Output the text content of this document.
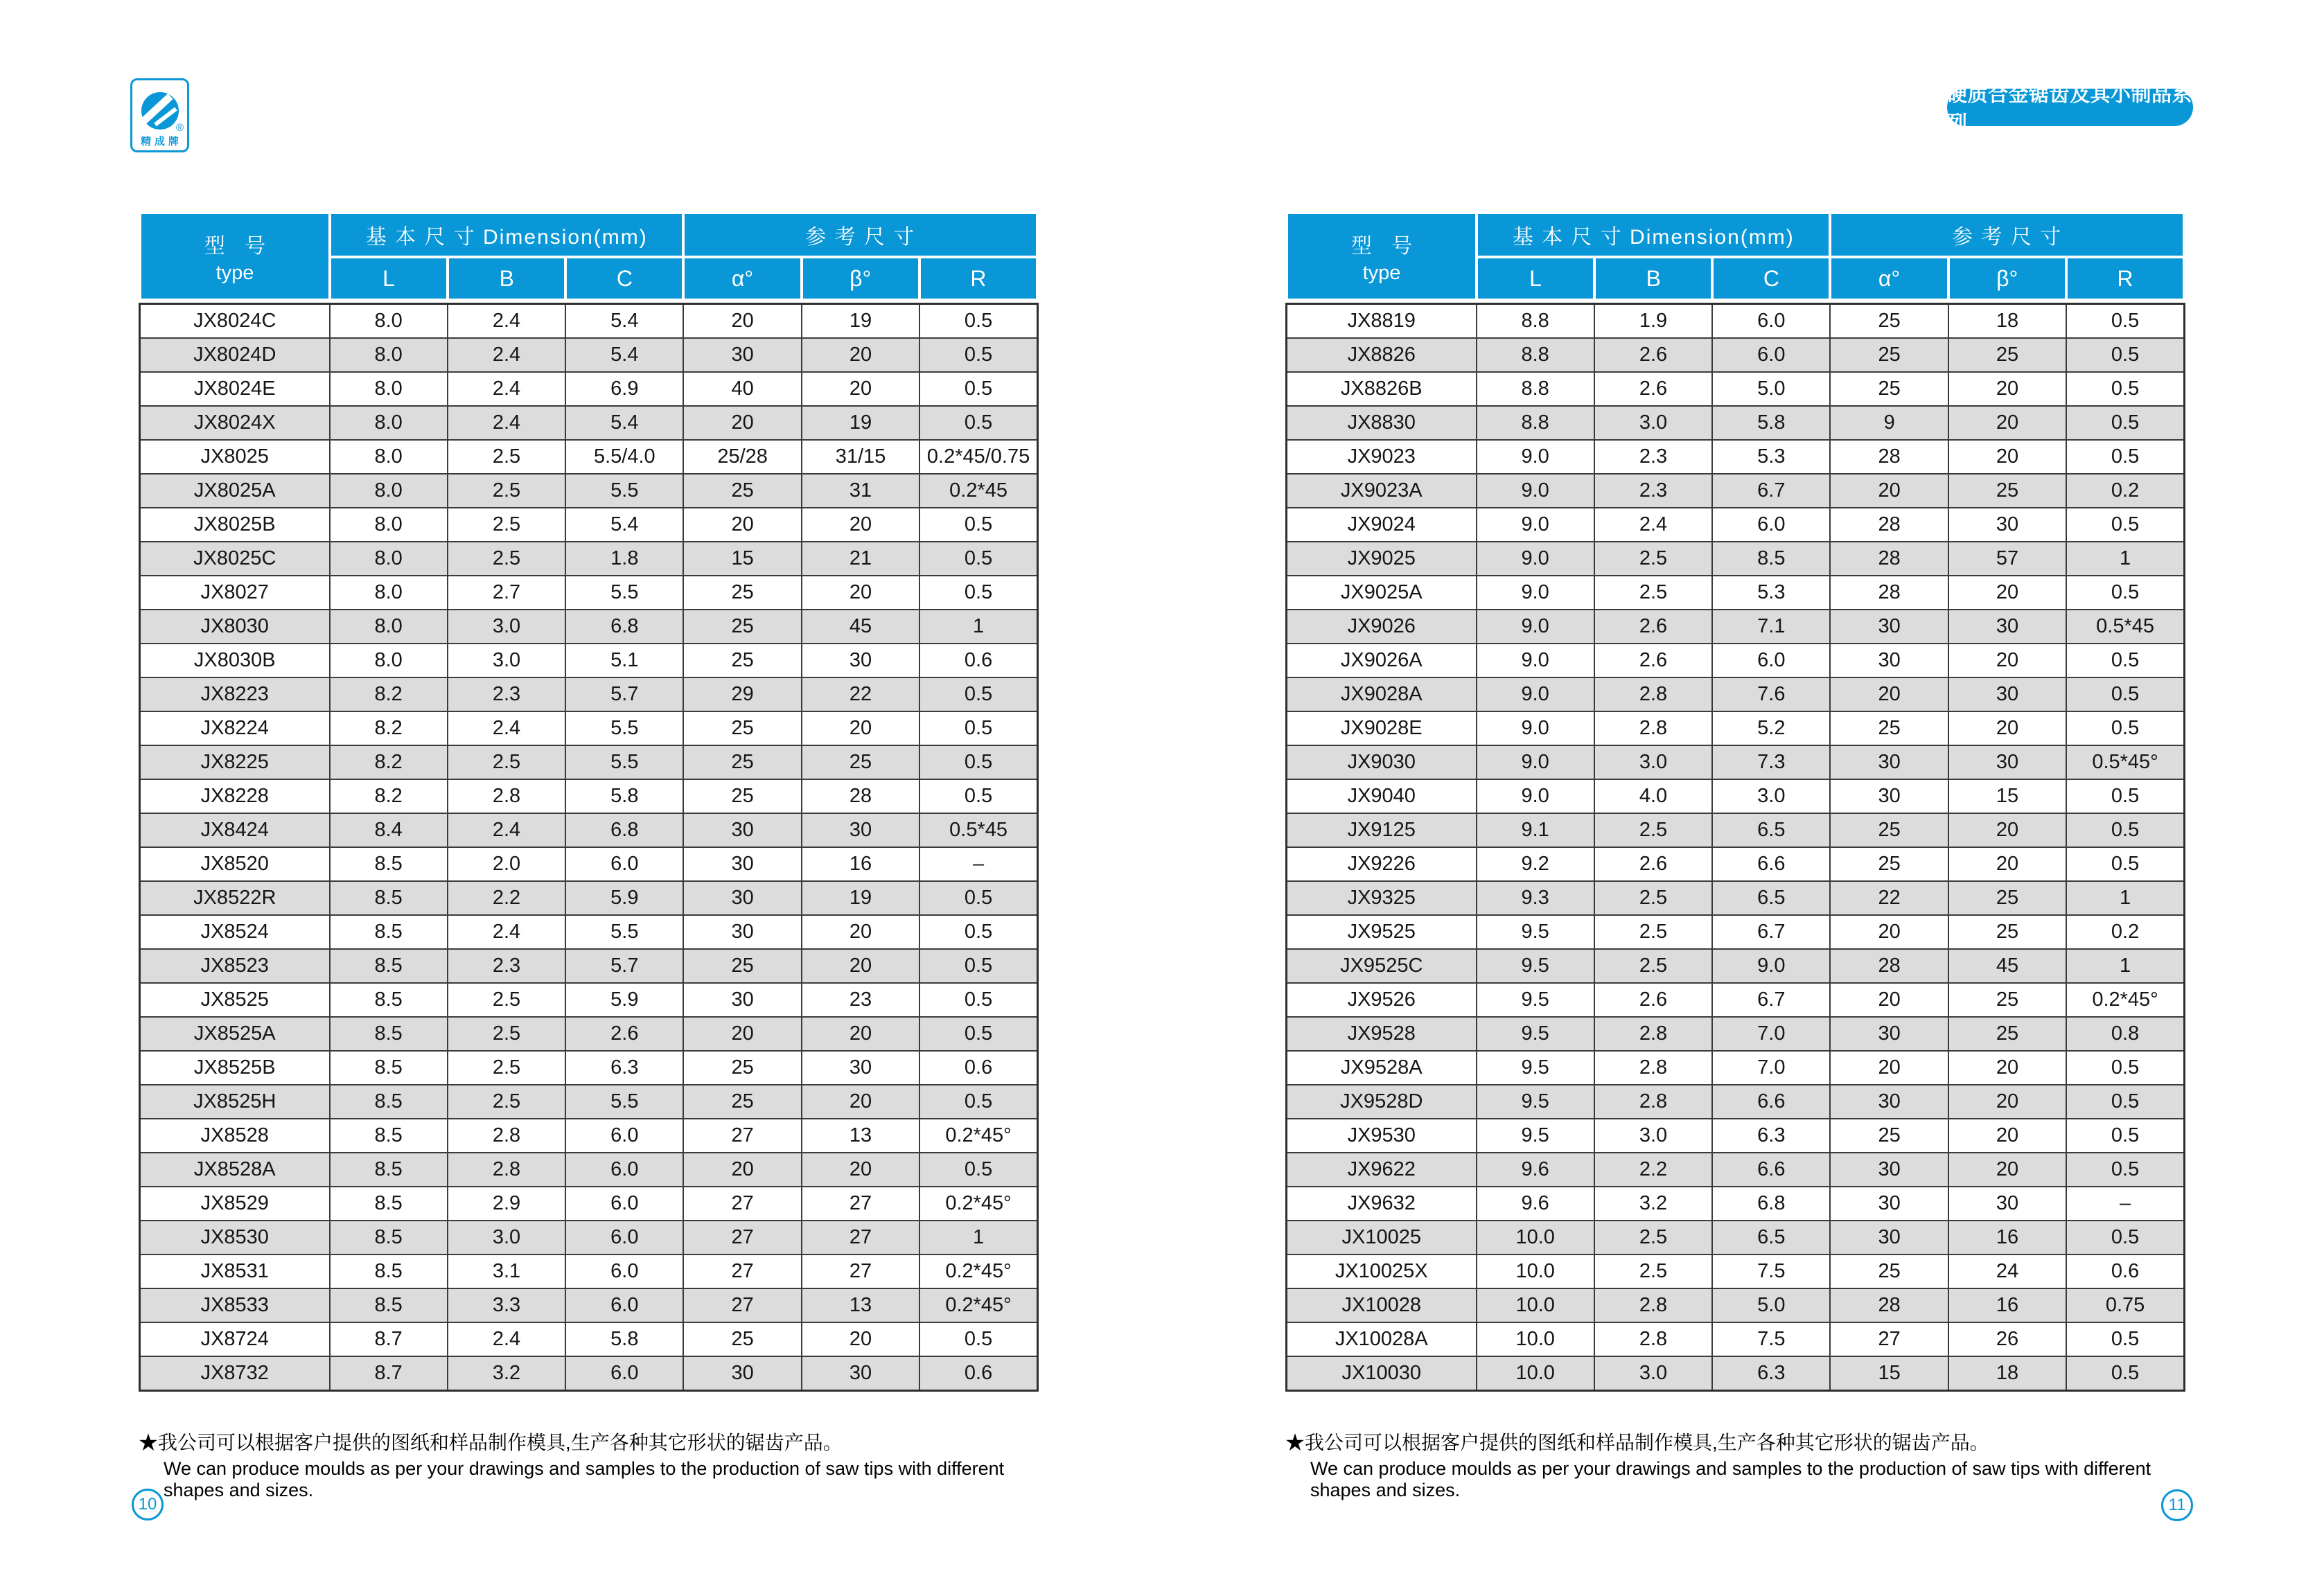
®
精成牌
硬质合金锯齿及其小制品系列
型 号
type	基 本 尺 寸 Dimension(mm)			参 考 尺 寸		
	L	B	C	α°	β°	R
JX8024C	8.0	2.4	5.4	20	19	0.5
JX8024D	8.0	2.4	5.4	30	20	0.5
JX8024E	8.0	2.4	6.9	40	20	0.5
JX8024X	8.0	2.4	5.4	20	19	0.5
JX8025	8.0	2.5	5.5/4.0	25/28	31/15	0.2*45/0.75
JX8025A	8.0	2.5	5.5	25	31	0.2*45
JX8025B	8.0	2.5	5.4	20	20	0.5
JX8025C	8.0	2.5	1.8	15	21	0.5
JX8027	8.0	2.7	5.5	25	20	0.5
JX8030	8.0	3.0	6.8	25	45	1
JX8030B	8.0	3.0	5.1	25	30	0.6
JX8223	8.2	2.3	5.7	29	22	0.5
JX8224	8.2	2.4	5.5	25	20	0.5
JX8225	8.2	2.5	5.5	25	25	0.5
JX8228	8.2	2.8	5.8	25	28	0.5
JX8424	8.4	2.4	6.8	30	30	0.5*45
JX8520	8.5	2.0	6.0	30	16	–
JX8522R	8.5	2.2	5.9	30	19	0.5
JX8524	8.5	2.4	5.5	30	20	0.5
JX8523	8.5	2.3	5.7	25	20	0.5
JX8525	8.5	2.5	5.9	30	23	0.5
JX8525A	8.5	2.5	2.6	20	20	0.5
JX8525B	8.5	2.5	6.3	25	30	0.6
JX8525H	8.5	2.5	5.5	25	20	0.5
JX8528	8.5	2.8	6.0	27	13	0.2*45°
JX8528A	8.5	2.8	6.0	20	20	0.5
JX8529	8.5	2.9	6.0	27	27	0.2*45°
JX8530	8.5	3.0	6.0	27	27	1
JX8531	8.5	3.1	6.0	27	27	0.2*45°
JX8533	8.5	3.3	6.0	27	13	0.2*45°
JX8724	8.7	2.4	5.8	25	20	0.5
JX8732	8.7	3.2	6.0	30	30	0.6
★我公司可以根据客户提供的图纸和样品制作模具,生产各种其它形状的锯齿产品。
We can produce moulds as per your drawings and samples to the production of saw tips with different shapes and sizes.
型 号
type	基 本 尺 寸 Dimension(mm)			参 考 尺 寸		
	L	B	C	α°	β°	R
JX8819	8.8	1.9	6.0	25	18	0.5
JX8826	8.8	2.6	6.0	25	25	0.5
JX8826B	8.8	2.6	5.0	25	20	0.5
JX8830	8.8	3.0	5.8	9	20	0.5
JX9023	9.0	2.3	5.3	28	20	0.5
JX9023A	9.0	2.3	6.7	20	25	0.2
JX9024	9.0	2.4	6.0	28	30	0.5
JX9025	9.0	2.5	8.5	28	57	1
JX9025A	9.0	2.5	5.3	28	20	0.5
JX9026	9.0	2.6	7.1	30	30	0.5*45
JX9026A	9.0	2.6	6.0	30	20	0.5
JX9028A	9.0	2.8	7.6	20	30	0.5
JX9028E	9.0	2.8	5.2	25	20	0.5
JX9030	9.0	3.0	7.3	30	30	0.5*45°
JX9040	9.0	4.0	3.0	30	15	0.5
JX9125	9.1	2.5	6.5	25	20	0.5
JX9226	9.2	2.6	6.6	25	20	0.5
JX9325	9.3	2.5	6.5	22	25	1
JX9525	9.5	2.5	6.7	20	25	0.2
JX9525C	9.5	2.5	9.0	28	45	1
JX9526	9.5	2.6	6.7	20	25	0.2*45°
JX9528	9.5	2.8	7.0	30	25	0.8
JX9528A	9.5	2.8	7.0	20	20	0.5
JX9528D	9.5	2.8	6.6	30	20	0.5
JX9530	9.5	3.0	6.3	25	20	0.5
JX9622	9.6	2.2	6.6	30	20	0.5
JX9632	9.6	3.2	6.8	30	30	–
JX10025	10.0	2.5	6.5	30	16	0.5
JX10025X	10.0	2.5	7.5	25	24	0.6
JX10028	10.0	2.8	5.0	28	16	0.75
JX10028A	10.0	2.8	7.5	27	26	0.5
JX10030	10.0	3.0	6.3	15	18	0.5
★我公司可以根据客户提供的图纸和样品制作模具,生产各种其它形状的锯齿产品。
We can produce moulds as per your drawings and samples to the production of saw tips with different shapes and sizes.
10	11
